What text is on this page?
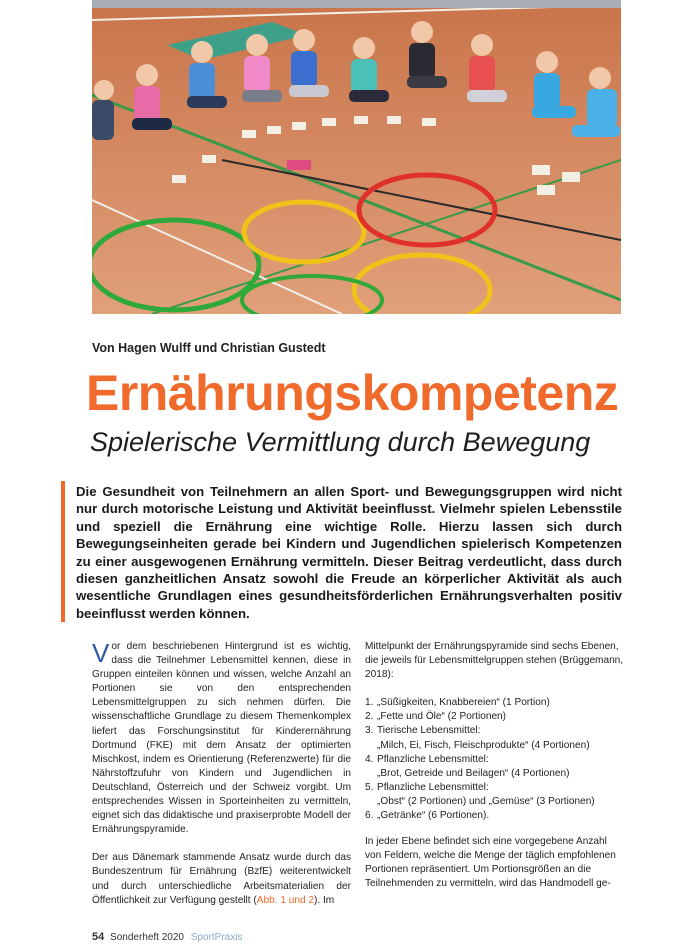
Von Hagen Wulff und Christian Gustedt
Ernährungskompetenz
Spielerische Vermittlung durch Bewegung
Die Gesundheit von Teilnehmern an allen Sport- und Bewegungsgruppen wird nicht nur durch motorische Leistung und Aktivität beeinflusst. Vielmehr spielen Lebensstile und speziell die Ernährung eine wichtige Rolle. Hierzu lassen sich durch Bewegungseinheiten gerade bei Kindern und Jugendlichen spielerisch Kompetenzen zu einer ausgewogenen Ernährung vermitteln. Dieser Beitrag verdeutlicht, dass durch diesen ganzheitlichen Ansatz sowohl die Freude an körperlicher Aktivität als auch wesentliche Grundlagen eines gesundheitsförderlichen Ernährungsverhalten positiv beeinflusst werden können.

Vor dem beschriebenen Hintergrund ist es wichtig, dass die Teilnehmer Lebensmittel kennen, diese in Gruppen einteilen können und wissen, welche Anzahl an Portionen sie von den entsprechenden Lebensmittelgruppen zu sich nehmen dürfen. Die wissenschaftliche Grundlage zu diesem Themenkomplex liefert das Forschungsinstitut für Kinderernährung Dortmund (FKE) mit dem Ansatz der optimierten Mischkost, indem es Orientierung (Referenzwerte) für die Nährstoffzufuhr von Kindern und Jugendlichen in Deutschland, Österreich und der Schweiz vorgibt. Um entsprechendes Wissen in Sporteinheiten zu vermitteln, eignet sich das didaktische und praxiserprobte Modell der Ernährungspyramide.

Der aus Dänemark stammende Ansatz wurde durch das Bundeszentrum für Ernährung (BzfE) weiterentwickelt und durch unterschiedliche Arbeitsmaterialien der Öffentlichkeit zur Verfügung gestellt (Abb. 1 und 2). Im

Mittelpunkt der Ernährungspyramide sind sechs Ebenen, die jeweils für Lebensmittelgruppen stehen (Brüggemann, 2018):

1. „Süßigkeiten, Knabbereien“ (1 Portion)
2. „Fette und Öle“ (2 Portionen)
3. Tierische Lebensmittel:
„Milch, Ei, Fisch, Fleischprodukte“ (4 Portionen)
4. Pflanzliche Lebensmittel:
„Brot, Getreide und Beilagen“ (4 Portionen)
5. Pflanzliche Lebensmittel:
„Obst“ (2 Portionen) und „Gemüse“ (3 Portionen)
6. „Getränke“ (6 Portionen).

In jeder Ebene befindet sich eine vorgegebene Anzahl von Feldern, welche die Menge der täglich empfohlenen Portionen repräsentiert. Um Portionsgrößen an die Teilnehmenden zu vermitteln, wird das Handmodell ge-

54 Sonderheft 2020 SportPraxis
